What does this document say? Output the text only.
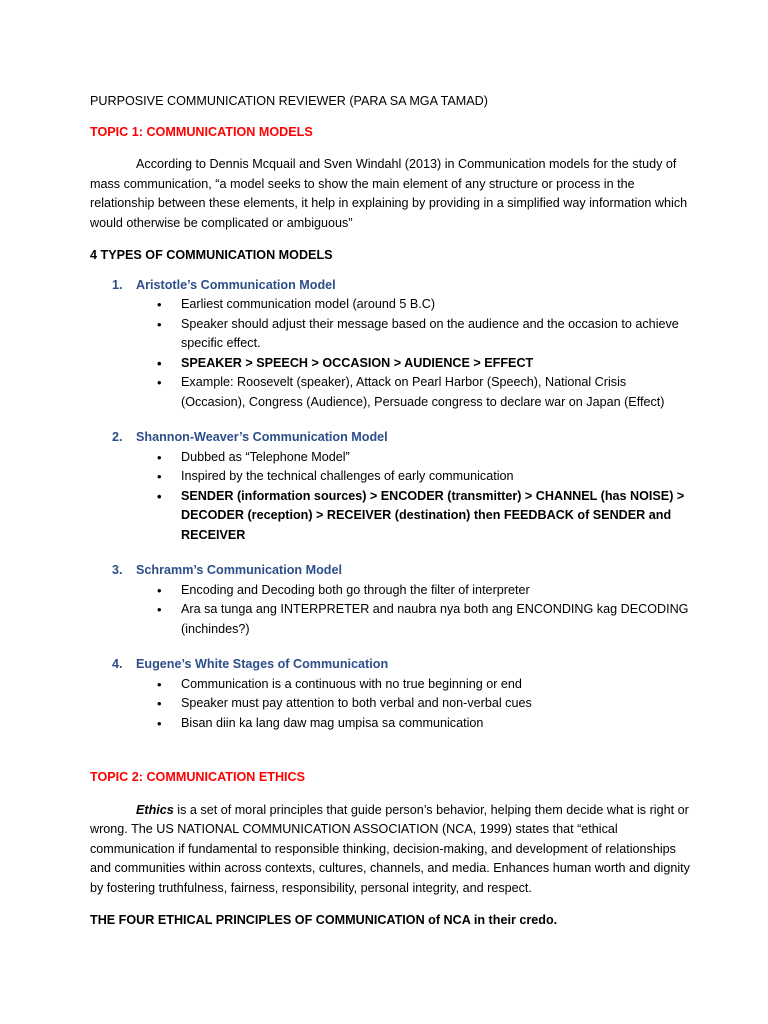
PURPOSIVE COMMUNICATION REVIEWER (PARA SA MGA TAMAD)
TOPIC 1: COMMUNICATION MODELS
According to Dennis Mcquail and Sven Windahl (2013) in Communication models for the study of mass communication, “a model seeks to show the main element of any structure or process in the relationship between these elements, it help in explaining by providing in a simplified way information which would otherwise be complicated or ambiguous”
4 TYPES OF COMMUNICATION MODELS
1.	Aristotle’s Communication Model
• Earliest communication model (around 5 B.C)
• Speaker should adjust their message based on the audience and the occasion to achieve specific effect.
• SPEAKER > SPEECH > OCCASION > AUDIENCE > EFFECT
• Example: Roosevelt (speaker), Attack on Pearl Harbor (Speech), National Crisis (Occasion), Congress (Audience), Persuade congress to declare war on Japan (Effect)
2.	Shannon-Weaver’s Communication Model
• Dubbed as “Telephone Model”
• Inspired by the technical challenges of early communication
• SENDER (information sources) > ENCODER (transmitter) > CHANNEL (has NOISE) > DECODER (reception) > RECEIVER (destination) then FEEDBACK of SENDER and RECEIVER
3.	Schramm’s Communication Model
• Encoding and Decoding both go through the filter of interpreter
• Ara sa tunga ang INTERPRETER and naubra nya both ang ENCONDING kag DECODING (inchindes?)
4.	Eugene’s White Stages of Communication
• Communication is a continuous with no true beginning or end
• Speaker must pay attention to both verbal and non-verbal cues
• Bisan diin ka lang daw mag umpisa sa communication
TOPIC 2: COMMUNICATION ETHICS
Ethics is a set of moral principles that guide person’s behavior, helping them decide what is right or wrong. The US NATIONAL COMMUNICATION ASSOCIATION (NCA, 1999) states that “ethical communication if fundamental to responsible thinking, decision-making, and development of relationships and communities within across contexts, cultures, channels, and media. Enhances human worth and dignity by fostering truthfulness, fairness, responsibility, personal integrity, and respect.
THE FOUR ETHICAL PRINCIPLES OF COMMUNICATION of NCA in their credo.
